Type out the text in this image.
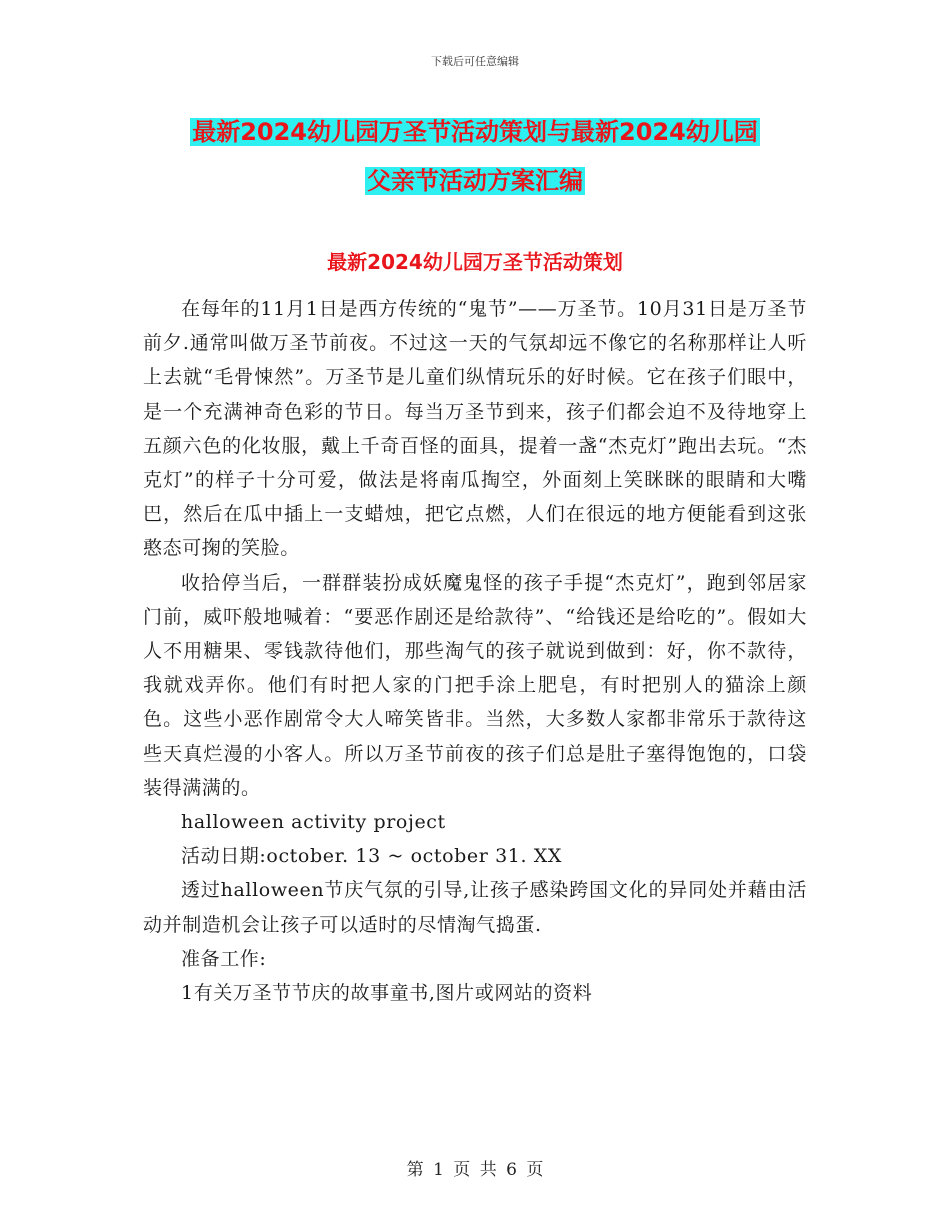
下载后可任意编辑
最新2024幼儿园万圣节活动策划与最新2024幼儿园
父亲节活动方案汇编
最新2024幼儿园万圣节活动策划

在每年的11月1日是西方传统的“鬼节”——万圣节。10月31日是万圣节前夕.通常叫做万圣节前夜。不过这一天的气氛却远不像它的名称那样让人听上去就“毛骨悚然”。万圣节是儿童们纵情玩乐的好时候。它在孩子们眼中，是一个充满神奇色彩的节日。每当万圣节到来，孩子们都会迫不及待地穿上五颜六色的化妆服，戴上千奇百怪的面具，提着一盏“杰克灯”跑出去玩。“杰克灯”的样子十分可爱，做法是将南瓜掏空，外面刻上笑眯眯的眼睛和大嘴巴，然后在瓜中插上一支蜡烛，把它点燃，人们在很远的地方便能看到这张憨态可掬的笑脸。

收拾停当后，一群群装扮成妖魔鬼怪的孩子手提“杰克灯”，跑到邻居家门前，威吓般地喊着：“要恶作剧还是给款待”、“给钱还是给吃的”。假如大人不用糖果、零钱款待他们，那些淘气的孩子就说到做到：好，你不款待，我就戏弄你。他们有时把人家的门把手涂上肥皂，有时把别人的猫涂上颜色。这些小恶作剧常令大人啼笑皆非。当然，大多数人家都非常乐于款待这些天真烂漫的小客人。所以万圣节前夜的孩子们总是肚子塞得饱饱的，口袋装得满满的。

halloween activity project

活动日期:october. 13 ~ october 31. XX

透过halloween节庆气氛的引导,让孩子感染跨国文化的异同处并藉由活动并制造机会让孩子可以适时的尽情淘气捣蛋.

准备工作:

1有关万圣节节庆的故事童书,图片或网站的资料

第 1 页 共 6 页
